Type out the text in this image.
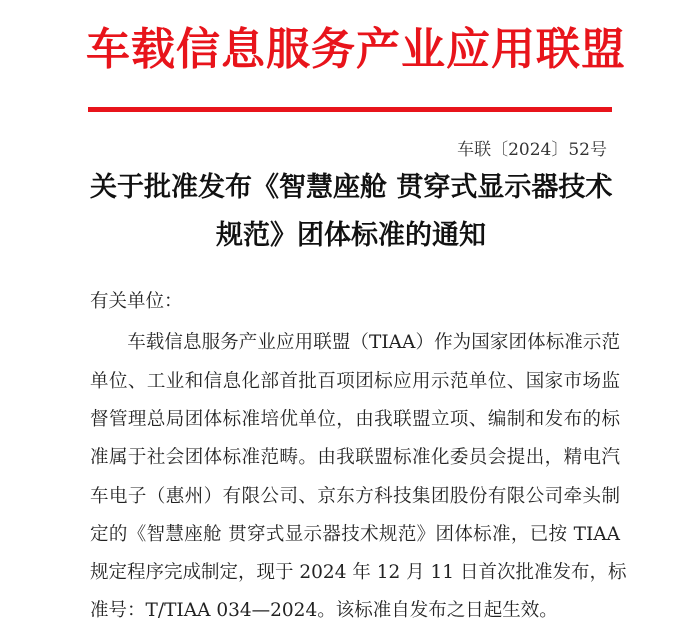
车载信息服务产业应用联盟
车联〔2024〕52号
关于批准发布《智慧座舱 贯穿式显示器技术
规范》团体标准的通知
有关单位：
　　车载信息服务产业应用联盟（TIAA）作为国家团体标准示范
单位、工业和信息化部首批百项团标应用示范单位、国家市场监
督管理总局团体标准培优单位，由我联盟立项、编制和发布的标
准属于社会团体标准范畴。由我联盟标准化委员会提出，精电汽
车电子（惠州）有限公司、京东方科技集团股份有限公司牵头制
定的《智慧座舱 贯穿式显示器技术规范》团体标准，已按 TIAA
规定程序完成制定，现于 2024 年 12 月 11 日首次批准发布，标
准号：T/TIAA 034—2024。该标准自发布之日起生效。
